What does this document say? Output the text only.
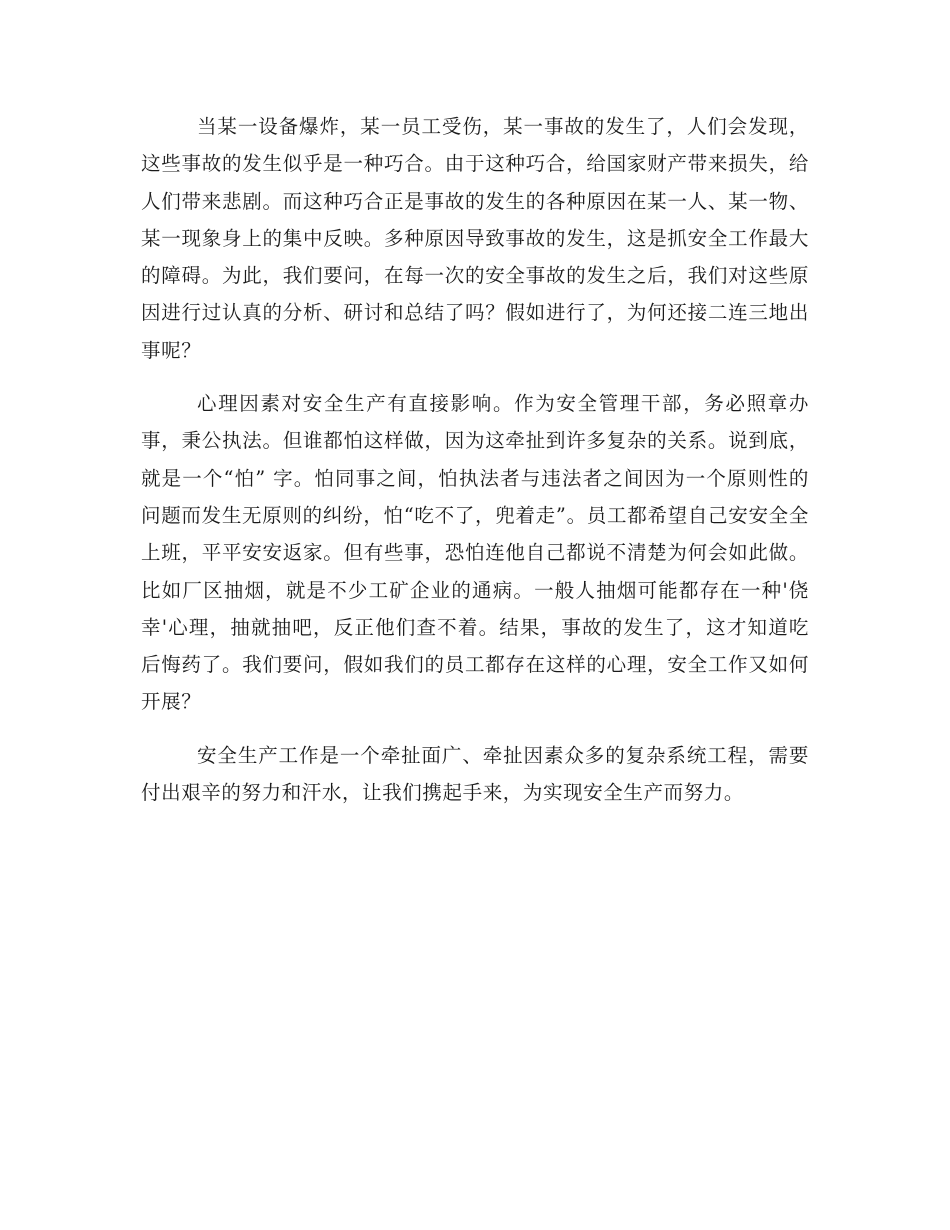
当某一设备爆炸，某一员工受伤，某一事故的发生了，人们会发现，这些事故的发生似乎是一种巧合。由于这种巧合，给国家财产带来损失，给人们带来悲剧。而这种巧合正是事故的发生的各种原因在某一人、某一物、某一现象身上的集中反映。多种原因导致事故的发生，这是抓安全工作最大的障碍。为此，我们要问，在每一次的安全事故的发生之后，我们对这些原因进行过认真的分析、研讨和总结了吗？假如进行了，为何还接二连三地出事呢？

心理因素对安全生产有直接影响。作为安全管理干部，务必照章办事，秉公执法。但谁都怕这样做，因为这牵扯到许多复杂的关系。说到底，就是一个“怕” 字。怕同事之间，怕执法者与违法者之间因为一个原则性的问题而发生无原则的纠纷，怕“吃不了，兜着走”。员工都希望自己安安全全上班，平平安安返家。但有些事，恐怕连他自己都说不清楚为何会如此做。比如厂区抽烟，就是不少工矿企业的通病。一般人抽烟可能都存在一种'侥幸'心理，抽就抽吧，反正他们查不着。结果，事故的发生了，这才知道吃后悔药了。我们要问，假如我们的员工都存在这样的心理，安全工作又如何开展？

安全生产工作是一个牵扯面广、牵扯因素众多的复杂系统工程，需要付出艰辛的努力和汗水，让我们携起手来，为实现安全生产而努力。
